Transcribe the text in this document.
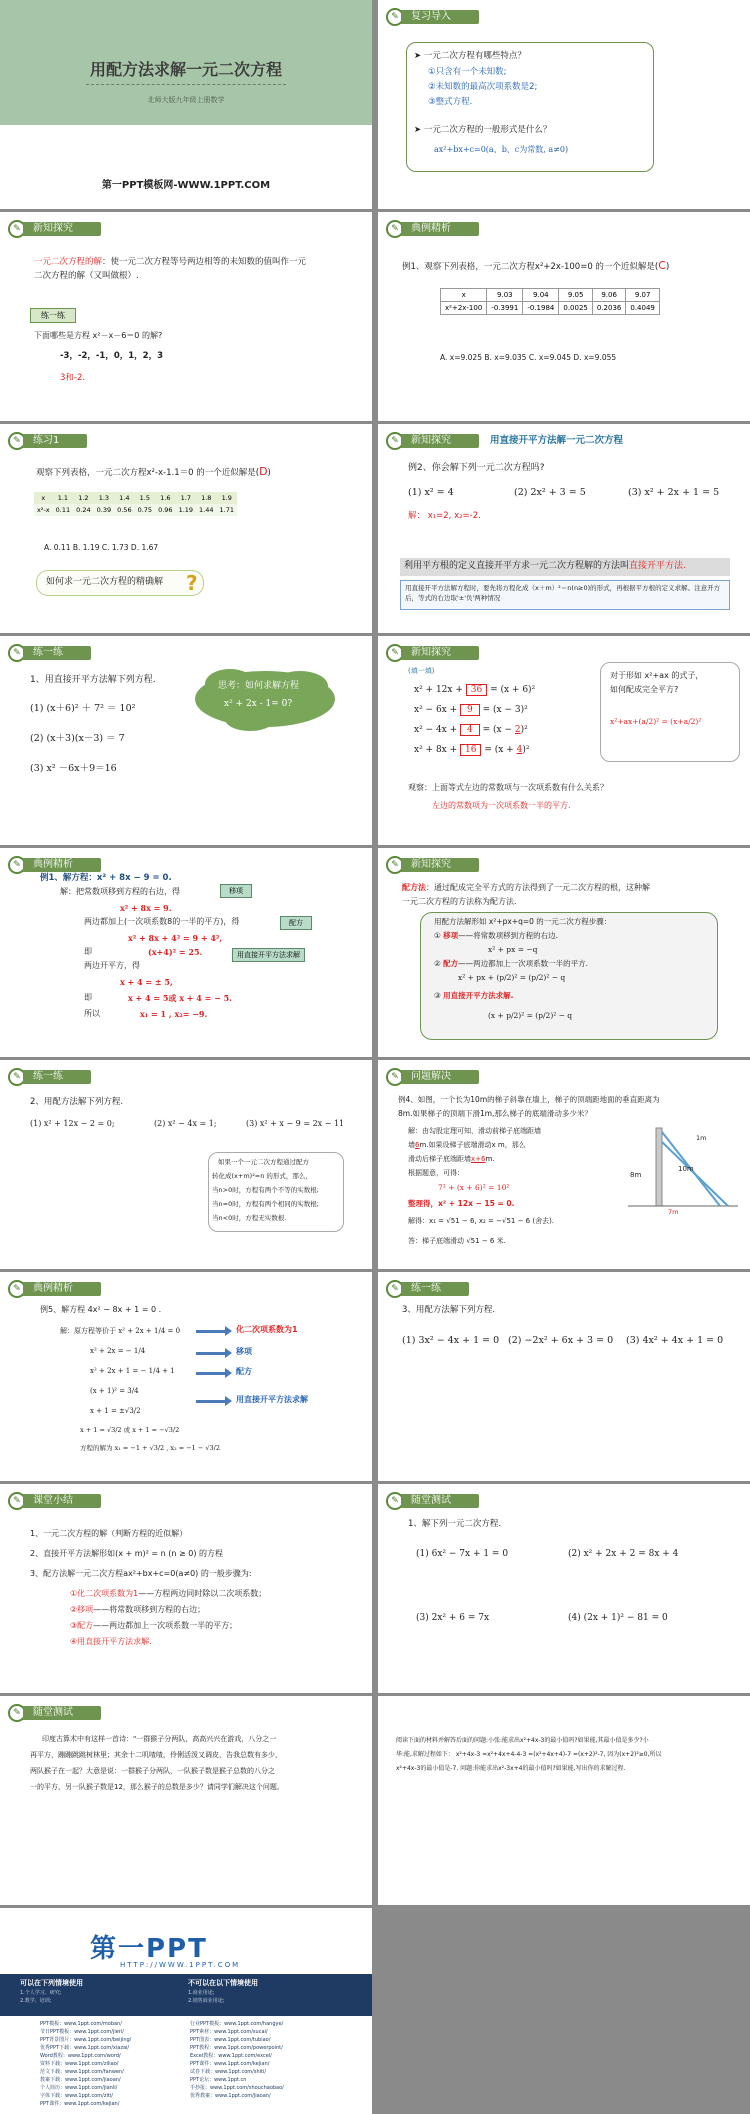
用配方法求解一元二次方程
北师大版九年级上册数学
第一PPT模板网-WWW.1PPT.COM
✎	复习导入
➤ 一元二次方程有哪些特点？
①只含有一个未知数;
②未知数的最高次项系数是2;
③整式方程.
➤ 一元二次方程的一般形式是什么？
ax²+bx+c=0(a、b、c为常数, a≠0)
✎	新知探究
一元二次方程的解：使一元二次方程等号两边相等的未知数的值叫作一元
二次方程的解（又叫做根）.
练一练
下面哪些是方程 x²－x－6＝0 的解?
-3，-2，-1，0，1，2，3
3和-2.
✎	典例精析
例1、观察下列表格，一元二次方程x²+2x-100=0 的一个近似解是(C)
x	9.03	9.04	9.05	9.06	9.07
x²+2x-100	-0.3991	-0.1984	0.0025	0.2036	0.4049
A. x=9.025 B. x=9.035 C. x=9.045 D. x=9.055
✎	练习1
观察下列表格，一元二次方程x²-x-1.1＝0 的一个近似解是(D)
x	1.1	1.2	1.3	1.4	1.5	1.6	1.7	1.8	1.9
x²-x	0.11	0.24	0.39	0.56	0.75	0.96	1.19	1.44	1.71
A. 0.11 B. 1.19 C. 1.73 D. 1.67
如何求一元二次方程的精确解 ?
✎	新知探究	用直接开平方法解一元二次方程
例2、你会解下列一元二次方程吗?
(1) x² = 4	(2) 2x² + 3 = 5	(3) x² + 2x + 1 = 5
解： x₁=2, x₂=-2.
利用平方根的定义直接开平方求一元二次方程解的方法叫直接开平方法.
用直接开平方法解方程时，要先将方程化成（x＋m）²＝n(n≥0)的形式，再根据平方根的定义求解。注意开方后，等式的右边取'±'负'两种情况
✎	练一练
1、用直接开平方法解下列方程.
(1) (x＋6)² ＋ 7² ＝ 10²
(2) (x＋3)(x－3) ＝ 7
(3) x² －6x＋9＝16
思考：如何求解方程
x² + 2x - 1= 0?
✎	新知探究
(填一填)
x² + 12x + 36 = (x + 6)²
x² − 6x + 9 = (x − 3)²
x² − 4x + 4 = (x − 2)²
x² + 8x + 16 = (x + 4)²
对于形如 x²+ax 的式子，
如何配成完全平方?
x²+ax+(a/2)² = (x+a/2)²
观察：上面等式左边的常数项与一次项系数有什么关系？
左边的常数项为一次项系数一半的平方.
✎	典例精析
例1、解方程：x² + 8x − 9 = 0.
解：把常数项移到方程的右边，得	移项
x² + 8x = 9.
两边都加上(一次项系数8的一半的平方)，得	配方
x² + 8x + 4² = 9 + 4²,
即	(x+4)² = 25.	用直接开平方法求解
两边开平方，得
x + 4 = ± 5,
即	x + 4 = 5或 x + 4 = − 5.
所以	x₁ = 1 , x₂= −9.
✎	新知探究
配方法：通过配成完全平方式的方法得到了一元二次方程的根，这种解
一元二次方程的方法称为配方法.
用配方法解形如 x²+px+q=0 的一元二次方程步骤：
① 移项——将常数项移到方程的右边.
x² + px = −q
② 配方——两边都加上一次项系数一半的平方.
x² + px + (p/2)² = (p/2)² − q
③ 用直接开平方法求解.
(x + p/2)² = (p/2)² − q
✎	练一练
2、用配方法解下列方程.
(1) x² + 12x − 2 = 0;	(2) x² − 4x = 1;	(3) x² + x − 9 = 2x − 11
如果一个一元二次方程通过配方
转化成(x+m)²=n 的形式，那么，
当n>0时，方程有两个不等的实数根;
当n=0时，方程有两个相同的实数根;
当n<0时，方程无实数根.
✎	问题解决
例4、如图，一个长为10m的梯子斜靠在墙上，梯子的顶端距地面的垂直距离为
8m.如果梯子的顶端下滑1m,那么梯子的底端滑动多少米？
解：由勾股定理可知，滑动前梯子底端距墙
墙6m.如果设梯子底端滑动x m，那么
滑动后梯子底端距墙x+6m.
根据题意，可得：
7² + (x + 6)² = 10²
整理得，x² + 12x − 15 = 0.
解得：x₁ = √51 − 6, x₂ = −√51 − 6 (舍去).
答：梯子底端滑动 √51 − 6 米.
8m
10m
7m
1m
✎	典例精析
例5、解方程 4x² − 8x + 1 = 0 .
解：原方程等价于 x² + 2x + 1/4 = 0
x² + 2x = − 1/4
x² + 2x + 1 = − 1/4 + 1
(x + 1)² = 3/4
x + 1 = ±√3/2
x + 1 = √3/2 或 x + 1 = −√3/2
方程的解为 x₁ = −1 + √3/2 , x₂ = −1 − √3/2
化二次项系数为1
移项
配方
用直接开平方法求解
✎	练一练
3、用配方法解下列方程.
(1) 3x² − 4x + 1 = 0 (2) −2x² + 6x + 3 = 0 (3) 4x² + 4x + 1 = 0
✎	课堂小结
1、一元二次方程的解（判断方程的近似解）
2、直接开平方法解形如(x + m)² = n (n ≥ 0) 的方程
3、配方法解一元二次方程ax²+bx+c=0(a≠0) 的一般步骤为:
①化二次项系数为1——方程两边同时除以二次项系数；
②移项——将常数项移到方程的右边；
③配方——两边都加上一次项系数一半的平方；
④用直接开平方法求解.
✎	随堂测试
1、解下列一元二次方程.
(1) 6x² − 7x + 1 = 0	(2) x² + 2x + 2 = 8x + 4
(3) 2x² + 6 = 7x	(4) (2x + 1)² − 81 = 0
✎	随堂测试
印度古算术中有这样一首诗："一群猴子分两队，高高兴兴在游戏，八分之一
再平方，蹦蹦跳跳树林里；其余十二叽喳喳，伶俐活泼又调皮，告我总数有多少，
两队猴子在一起？大意是说：一群猴子分两队，一队猴子数是猴子总数的八分之
一的平方，另一队猴子数是12，那么猴子的总数是多少？请同学们解决这个问题。
阅读下面的材料并解答后面的问题:小张:能求出x²+4x-3的最小值吗?如果能,其最小值是多少?小
华:能,求解过程如下： x²+4x-3 =x²+4x+4-4-3 =(x²+4x+4)-7 =(x+2)²-7, 因为(x+2)²≥0,所以
x²+4x-3的最小值是-7. 问题:你能求出x²-3x+4的最小值吗?如果能,写出你的求解过程.
第一PPT
HTTP://WWW.1PPT.COM
可以在下列情境使用	不可以在以下情境使用
1.个人学习、研究;
2.教学、培训;
1.商业用途;
2.销售商业用途;
PPT模板：www.1ppt.com/moban/
节日PPT模板：www.1ppt.com/jieri/
PPT背景图片：www.1ppt.com/beijing/
优秀PPT下载：www.1ppt.com/xiazai/
Word教程：www.1ppt.com/word/
资料下载：www.1ppt.com/ziliao/
范文下载：www.1ppt.com/fanwen/
教案下载：www.1ppt.com/jiaoan/
个人简历：www.1ppt.com/jianli/
字体下载：www.1ppt.com/ziti/
PPT课件：www.1ppt.com/kejian/
行业PPT模板：www.1ppt.com/hangye/
PPT素材：www.1ppt.com/sucai/
PPT图表：www.1ppt.com/tubiao/
PPT教程：www.1ppt.com/powerpoint/
Excel教程：www.1ppt.com/excel/
PPT课件：www.1ppt.com/kejian/
试卷下载：www.1ppt.com/shiti/
PPT论坛：www.1ppt.cn
手抄报：www.1ppt.com/shouchaobao/
优秀教案：www.1ppt.com/jiaoan/
